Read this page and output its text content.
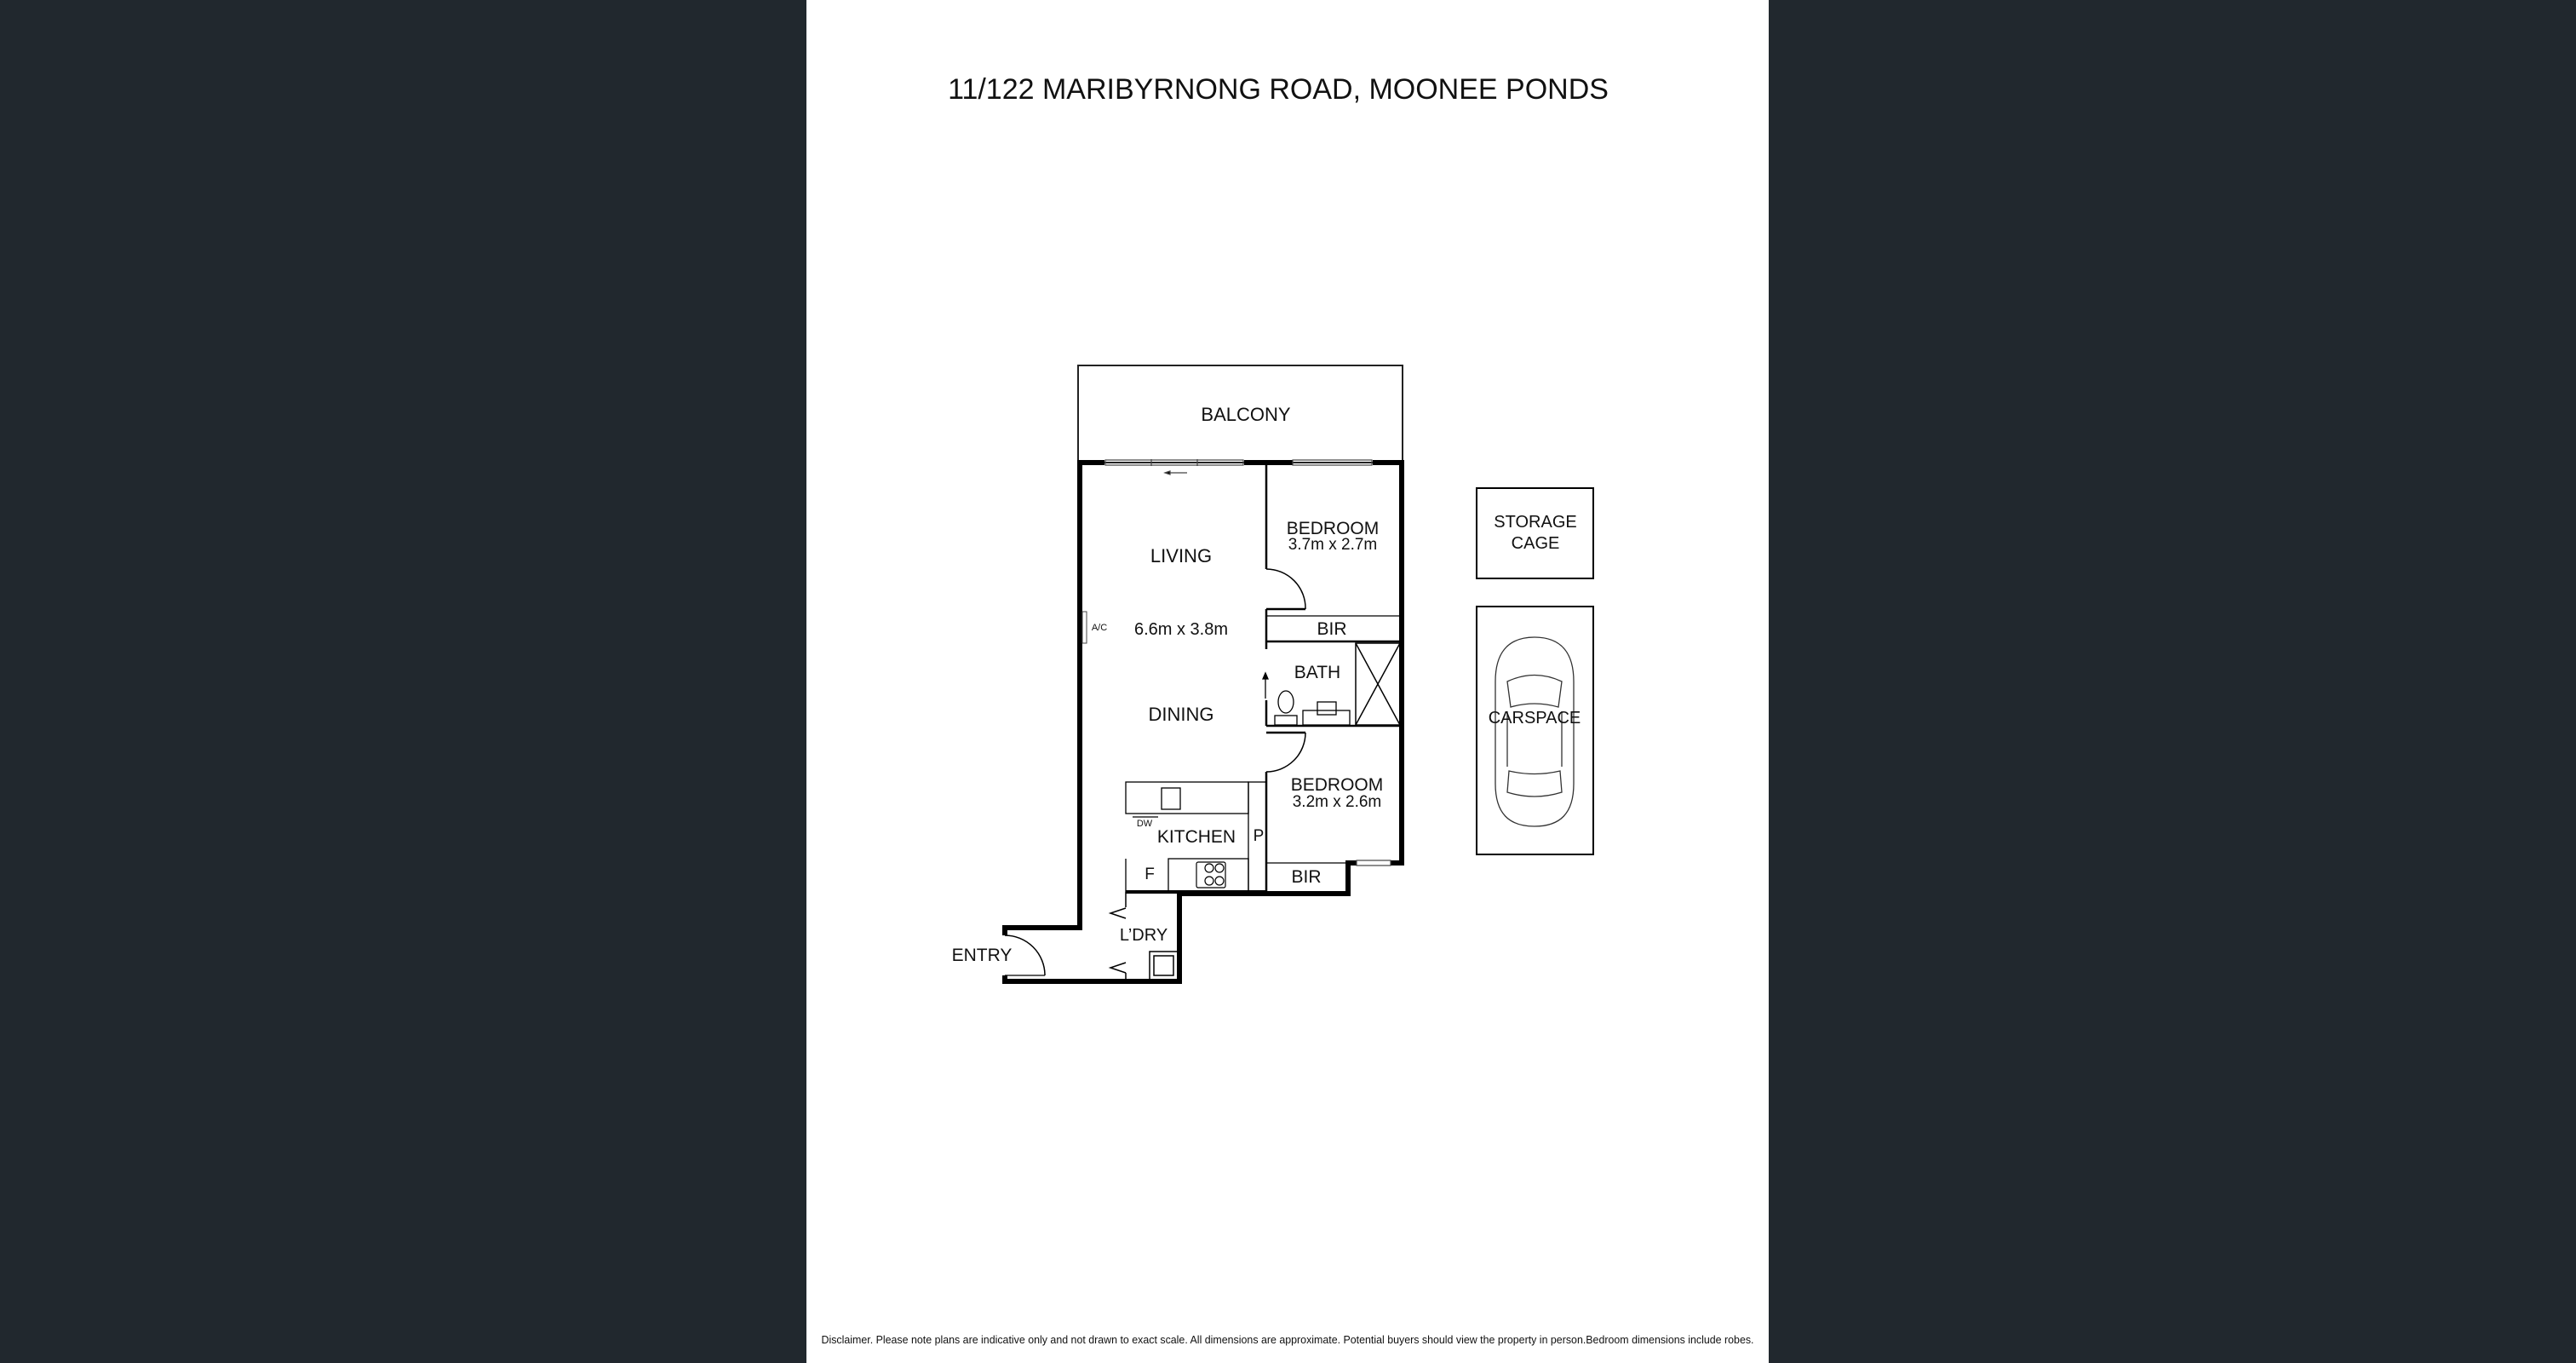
11/122 MARIBYRNONG ROAD, MOONEE PONDS
BALCONY
LIVING
6.6m x 3.8m
A/C
DINING
BEDROOM
3.7m x 2.7m
BIR
BATH
BEDROOM
3.2m x 2.6m
BIR
KITCHEN
DW
P
F
L’DRY
ENTRY
STORAGE
CAGE
CARSPACE
Disclaimer. Please note plans are indicative only and not drawn to exact scale. All dimensions are approximate. Potential buyers should view the property in person.Bedroom dimensions include robes.
